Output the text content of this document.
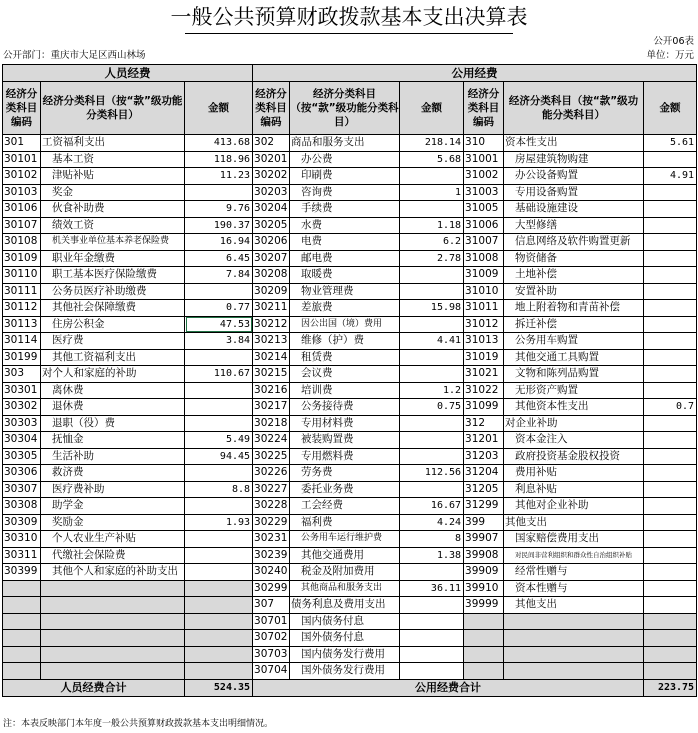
一般公共预算财政拨款基本支出决算表
公开06表
公开部门：重庆市大足区西山林场	单位：万元
人员经费			公用经费					
经济分类科目编码	经济分类科目（按“款”级功能分类科目）	金额	经济分类科目编码	经济分类科目（按“款”级功能分类科目）	金额	经济分类科目编码	经济分类科目（按“款”级功能分类科目）	金额
301	工资福利支出	413.68	302	商品和服务支出	218.14	310	资本性支出	5.61
30101	基本工资	118.96	30201	办公费	5.68	31001	房屋建筑物购建	
30102	津贴补贴	11.23	30202	印刷费		31002	办公设备购置	4.91
30103	奖金		30203	咨询费	1	31003	专用设备购置	
30106	伙食补助费	9.76	30204	手续费		31005	基础设施建设	
30107	绩效工资	190.37	30205	水费	1.18	31006	大型修缮	
30108	机关事业单位基本养老保险费	16.94	30206	电费	6.2	31007	信息网络及软件购置更新	
30109	职业年金缴费	6.45	30207	邮电费	2.78	31008	物资储备	
30110	职工基本医疗保险缴费	7.84	30208	取暖费		31009	土地补偿	
30111	公务员医疗补助缴费		30209	物业管理费		31010	安置补助	
30112	其他社会保障缴费	0.77	30211	差旅费	15.98	31011	地上附着物和青苗补偿	
30113	住房公积金	47.53	30212	因公出国（境）费用		31012	拆迁补偿	
30114	医疗费	3.84	30213	维修（护）费	4.41	31013	公务用车购置	
30199	其他工资福利支出		30214	租赁费		31019	其他交通工具购置	
303	对个人和家庭的补助	110.67	30215	会议费		31021	文物和陈列品购置	
30301	离休费		30216	培训费	1.2	31022	无形资产购置	
30302	退休费		30217	公务接待费	0.75	31099	其他资本性支出	0.7
30303	退职（役）费		30218	专用材料费		312	对企业补助	
30304	抚恤金	5.49	30224	被装购置费		31201	资本金注入	
30305	生活补助	94.45	30225	专用燃料费		31203	政府投资基金股权投资	
30306	救济费		30226	劳务费	112.56	31204	费用补贴	
30307	医疗费补助	8.8	30227	委托业务费		31205	利息补贴	
30308	助学金		30228	工会经费	16.67	31299	其他对企业补助	
30309	奖励金	1.93	30229	福利费	4.24	399	其他支出	
30310	个人农业生产补贴		30231	公务用车运行维护费	8	39907	国家赔偿费用支出	
30311	代缴社会保险费		30239	其他交通费用	1.38	39908	对民间非营利组织和群众性自治组织补贴	
30399	其他个人和家庭的补助支出		30240	税金及附加费用		39909	经常性赠与	
			30299	其他商品和服务支出	36.11	39910	资本性赠与	
			307	债务利息及费用支出		39999	其他支出	
			30701	国内债务付息				
			30702	国外债务付息				
			30703	国内债务发行费用				
			30704	国外债务发行费用				
人员经费合计		524.35	公用经费合计					223.75
注：本表反映部门本年度一般公共预算财政拨款基本支出明细情况。
